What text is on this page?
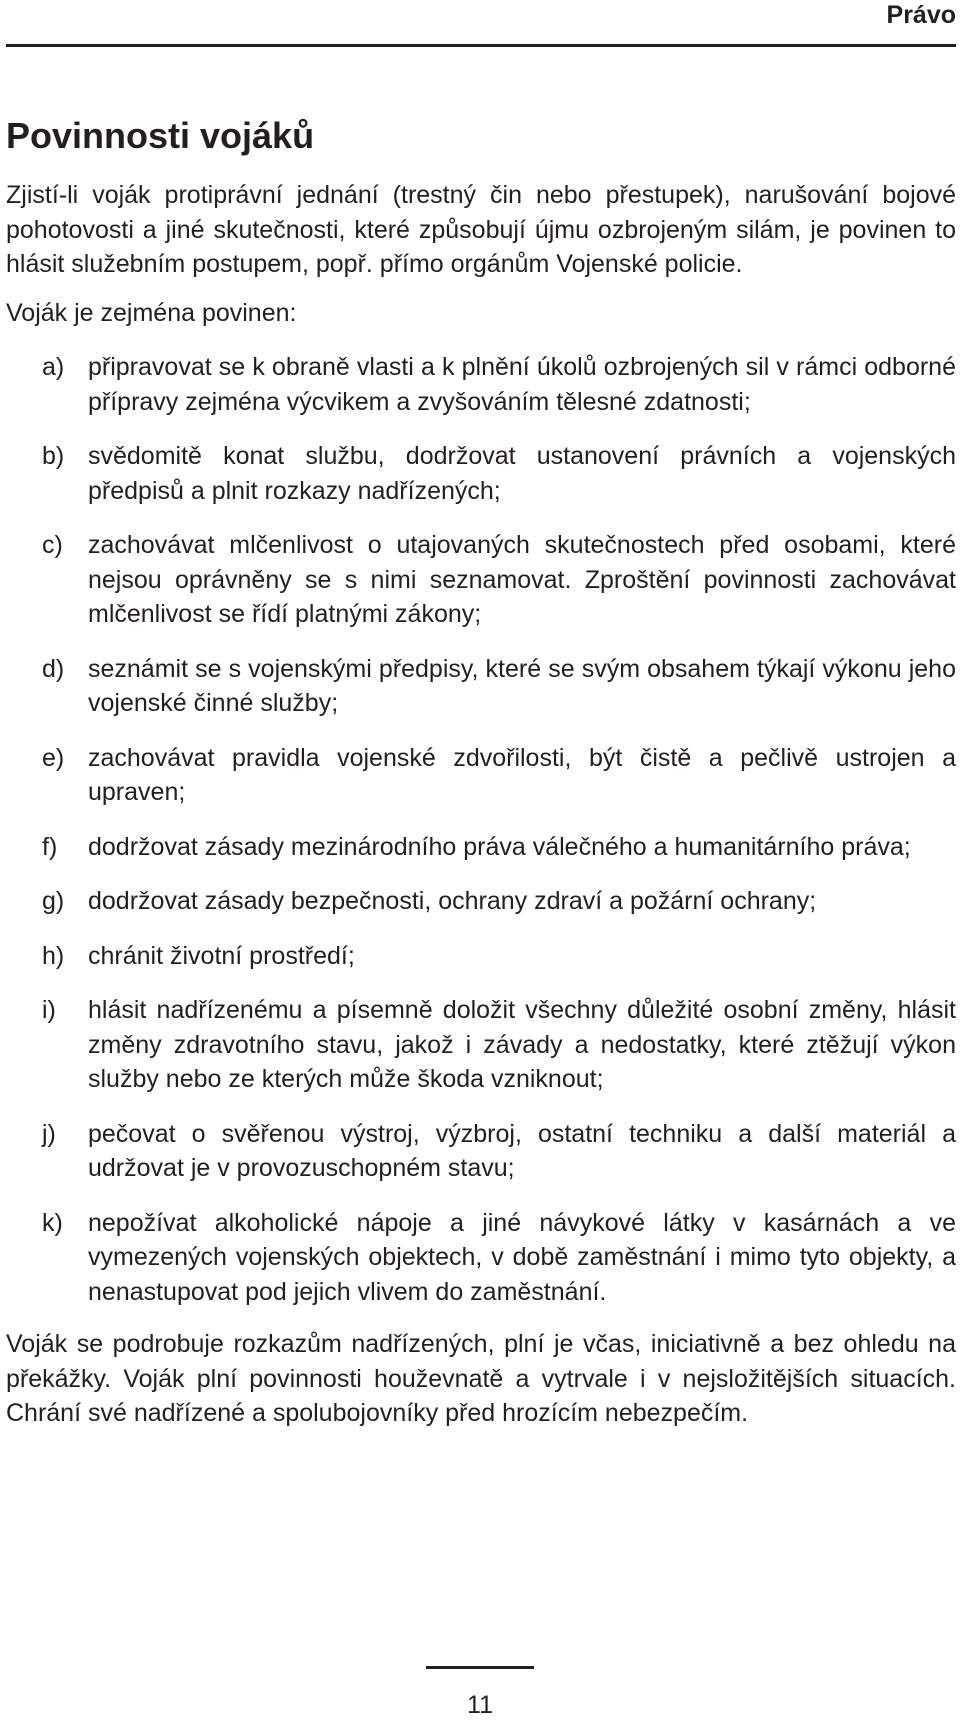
Právo
Povinnosti vojáků

Zjistí-li voják protiprávní jednání (trestný čin nebo přestupek), narušování bojové pohotovosti a jiné skutečnosti, které způsobují újmu ozbrojeným silám, je povinen to hlásit služebním postupem, popř. přímo orgánům Vojenské policie.

Voják je zejména povinen:

a) připravovat se k obraně vlasti a k plnění úkolů ozbrojených sil v rámci odborné přípravy zejména výcvikem a zvyšováním tělesné zdatnosti;
b) svědomitě konat službu, dodržovat ustanovení právních a vojenských předpisů a plnit rozkazy nadřízených;
c)	zachovávat mlčenlivost o utajovaných skutečnostech před osobami, které nejsou oprávněny se s nimi seznamovat. Zproštění povinnosti zachovávat mlčenlivost se řídí platnými zákony;
d) seznámit se s vojenskými předpisy, které se svým obsahem týkají výkonu jeho vojenské činné služby;
e) zachovávat pravidla vojenské zdvořilosti, být čistě a pečlivě ustrojen a upraven;
f)	dodržovat zásady mezinárodního práva válečného a humanitárního práva;
g) dodržovat zásady bezpečnosti, ochrany zdraví a požární ochrany;
h) chránit životní prostředí;
i)	hlásit nadřízenému a písemně doložit všechny důležité osobní změny, hlásit změny zdravotního stavu, jakož i závady a nedostatky, které ztěžují výkon služby nebo ze kterých může škoda vzniknout;
j)	pečovat o svěřenou výstroj, výzbroj, ostatní techniku a další materiál a udržovat je v provozuschopném stavu;
k)	nepožívat alkoholické nápoje a jiné návykové látky v kasárnách a ve vymezených vojenských objektech, v době zaměstnání i mimo tyto objekty, a nenastupovat pod jejich vlivem do zaměstnání.

Voják se podrobuje rozkazům nadřízených, plní je včas, iniciativně a bez ohledu na překážky. Voják plní povinnosti houževnatě a vytrvale i v nejsložitějších situacích. Chrání své nadřízené a spolubojovníky před hrozícím nebezpečím.

11
